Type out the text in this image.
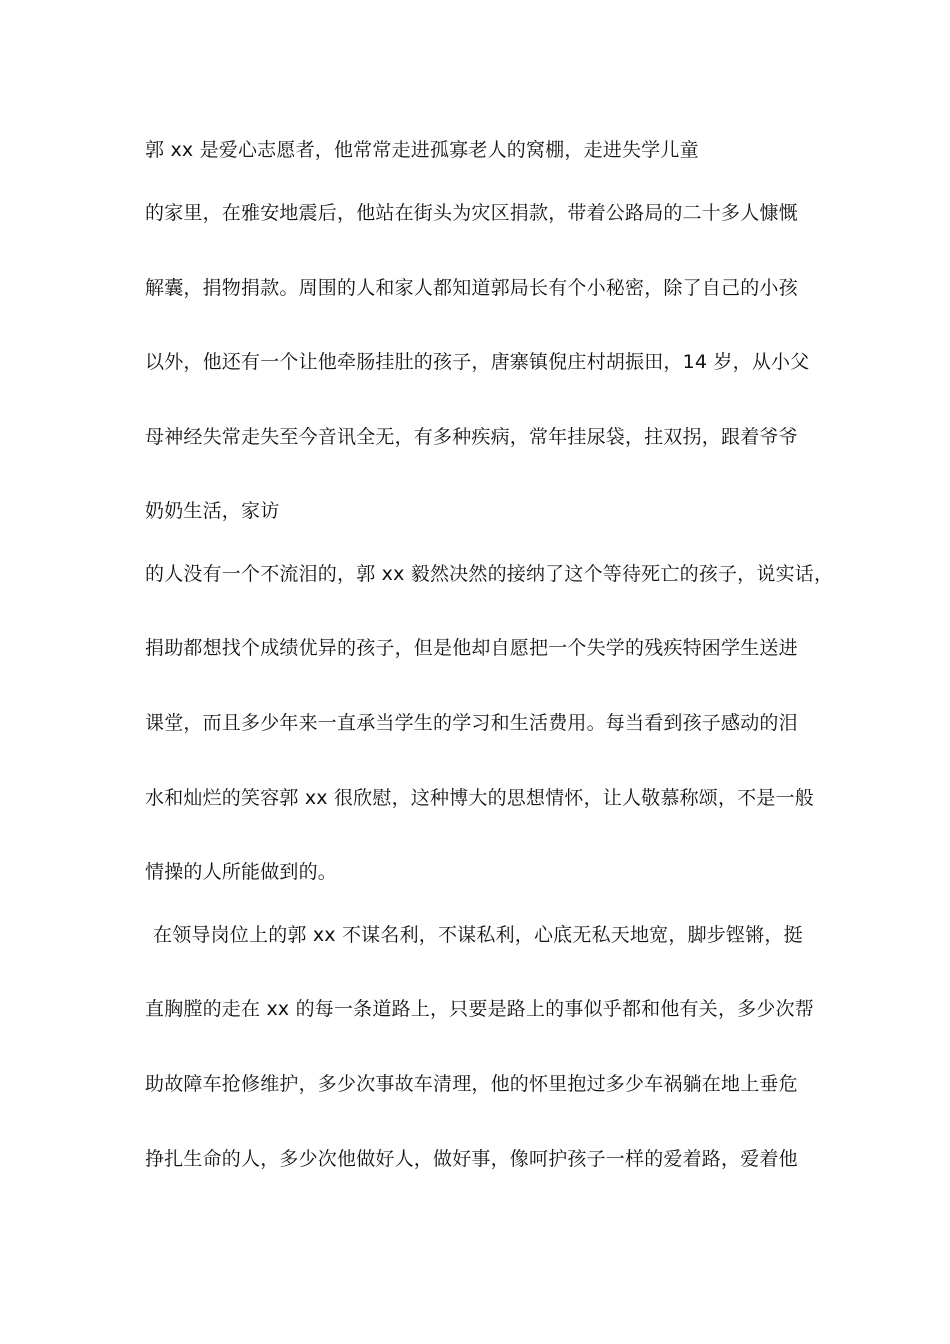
郭 xx 是爱心志愿者，他常常走进孤寡老人的窝棚，走进失学儿童
的家里，在雅安地震后，他站在街头为灾区捐款，带着公路局的二十多人慷慨
解囊，捐物捐款。周围的人和家人都知道郭局长有个小秘密，除了自己的小孩
以外，他还有一个让他牵肠挂肚的孩子，唐寨镇倪庄村胡振田，14 岁，从小父
母神经失常走失至今音讯全无，有多种疾病，常年挂尿袋，拄双拐，跟着爷爷
奶奶生活，家访
的人没有一个不流泪的，郭 xx 毅然决然的接纳了这个等待死亡的孩子，说实话，
捐助都想找个成绩优异的孩子，但是他却自愿把一个失学的残疾特困学生送进
课堂，而且多少年来一直承当学生的学习和生活费用。每当看到孩子感动的泪
水和灿烂的笑容郭 xx 很欣慰，这种博大的思想情怀，让人敬慕称颂，不是一般
情操的人所能做到的。
在领导岗位上的郭 xx 不谋名利，不谋私利，心底无私天地宽，脚步铿锵，挺
直胸膛的走在 xx 的每一条道路上，只要是路上的事似乎都和他有关，多少次帮
助故障车抢修维护，多少次事故车清理，他的怀里抱过多少车祸躺在地上垂危
挣扎生命的人，多少次他做好人，做好事，像呵护孩子一样的爱着路，爱着他
